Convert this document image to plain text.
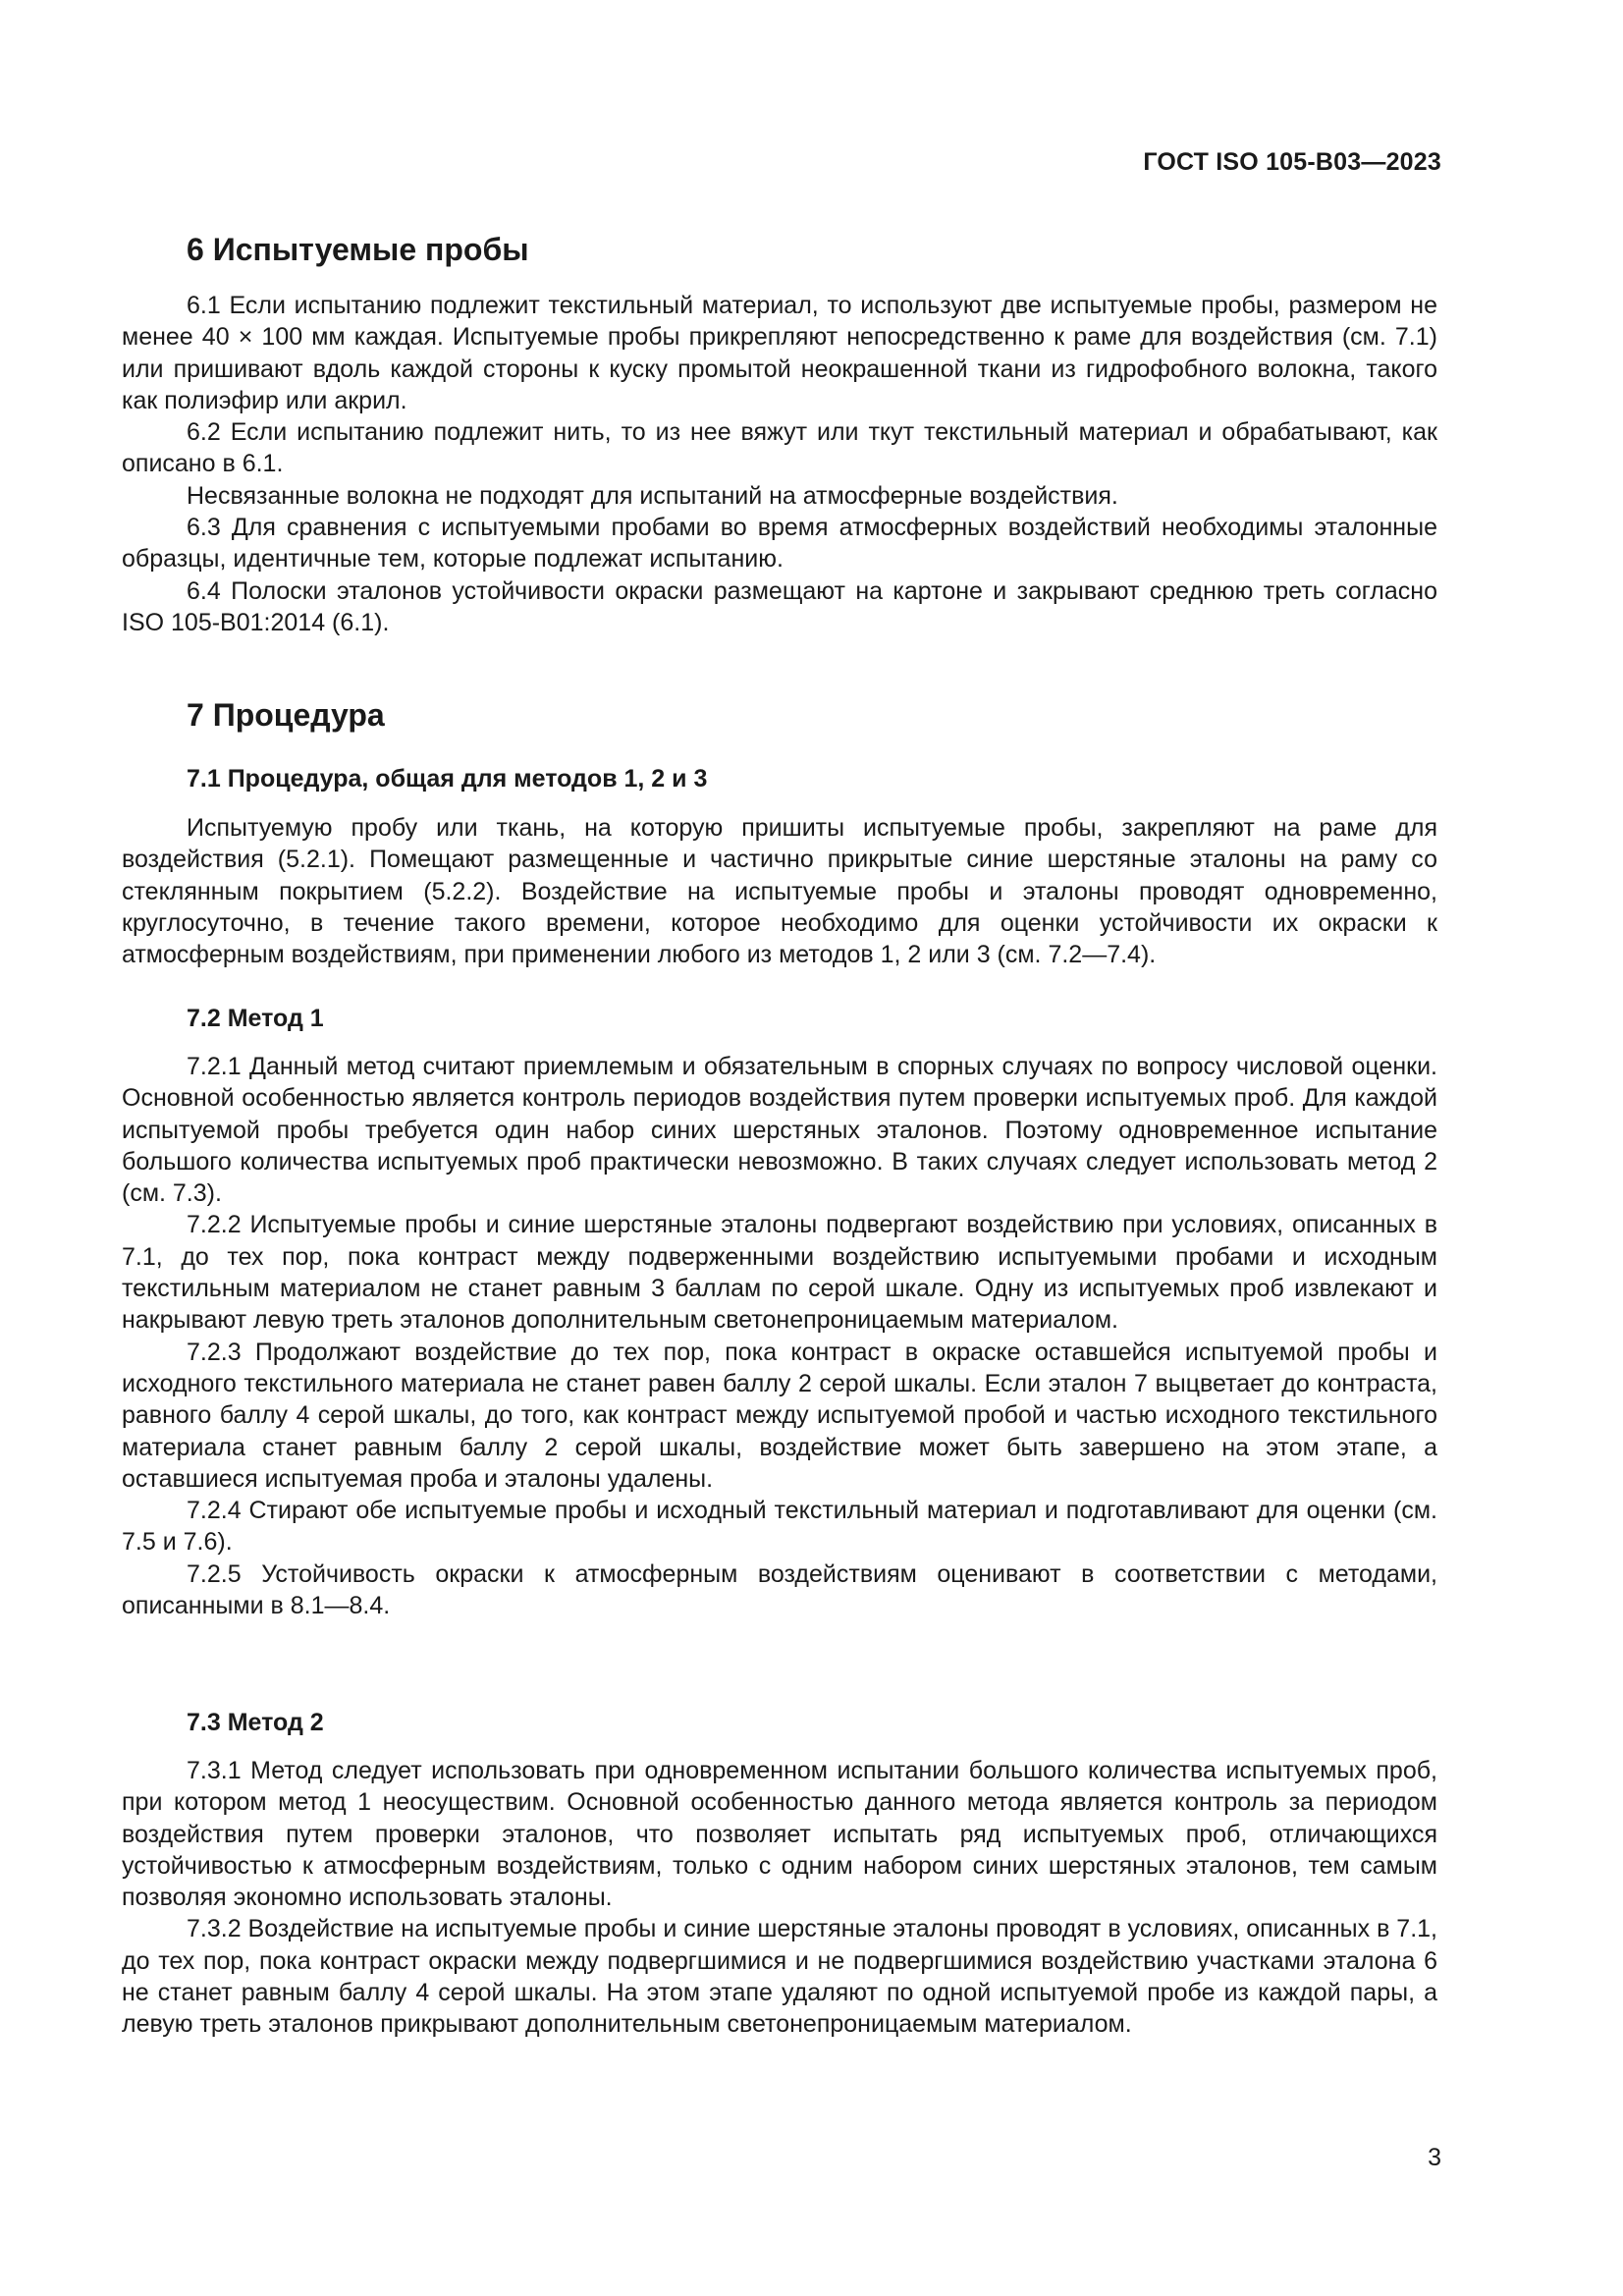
ГОСТ ISO 105-B03—2023
6 Испытуемые пробы

6.1 Если испытанию подлежит текстильный материал, то используют две испытуемые пробы, размером не менее 40 × 100 мм каждая. Испытуемые пробы прикрепляют непосредственно к раме для воздействия (см. 7.1) или пришивают вдоль каждой стороны к куску промытой неокрашенной ткани из гидрофобного волокна, такого как полиэфир или акрил.

6.2 Если испытанию подлежит нить, то из нее вяжут или ткут текстильный материал и обрабатывают, как описано в 6.1.

Несвязанные волокна не подходят для испытаний на атмосферные воздействия.

6.3 Для сравнения с испытуемыми пробами во время атмосферных воздействий необходимы эталонные образцы, идентичные тем, которые подлежат испытанию.

6.4 Полоски эталонов устойчивости окраски размещают на картоне и закрывают среднюю треть согласно ISO 105-B01:2014 (6.1).

7 Процедура
7.1 Процедура, общая для методов 1, 2 и 3

Испытуемую пробу или ткань, на которую пришиты испытуемые пробы, закрепляют на раме для воздействия (5.2.1). Помещают размещенные и частично прикрытые синие шерстяные эталоны на раму со стеклянным покрытием (5.2.2). Воздействие на испытуемые пробы и эталоны проводят одновременно, круглосуточно, в течение такого времени, которое необходимо для оценки устойчивости их окраски к атмосферным воздействиям, при применении любого из методов 1, 2 или 3 (см. 7.2—7.4).

7.2 Метод 1

7.2.1 Данный метод считают приемлемым и обязательным в спорных случаях по вопросу числовой оценки. Основной особенностью является контроль периодов воздействия путем проверки испытуемых проб. Для каждой испытуемой пробы требуется один набор синих шерстяных эталонов. Поэтому одновременное испытание большого количества испытуемых проб практически невозможно. В таких случаях следует использовать метод 2 (см. 7.3).

7.2.2 Испытуемые пробы и синие шерстяные эталоны подвергают воздействию при условиях, описанных в 7.1, до тех пор, пока контраст между подверженными воздействию испытуемыми пробами и исходным текстильным материалом не станет равным 3 баллам по серой шкале. Одну из испытуемых проб извлекают и накрывают левую треть эталонов дополнительным светонепроницаемым материалом.

7.2.3 Продолжают воздействие до тех пор, пока контраст в окраске оставшейся испытуемой пробы и исходного текстильного материала не станет равен баллу 2 серой шкалы. Если эталон 7 выцветает до контраста, равного баллу 4 серой шкалы, до того, как контраст между испытуемой пробой и частью исходного текстильного материала станет равным баллу 2 серой шкалы, воздействие может быть завершено на этом этапе, а оставшиеся испытуемая проба и эталоны удалены.

7.2.4 Стирают обе испытуемые пробы и исходный текстильный материал и подготавливают для оценки (см. 7.5 и 7.6).

7.2.5 Устойчивость окраски к атмосферным воздействиям оценивают в соответствии с методами, описанными в 8.1—8.4.

7.3 Метод 2

7.3.1 Метод следует использовать при одновременном испытании большого количества испытуемых проб, при котором метод 1 неосуществим. Основной особенностью данного метода является контроль за периодом воздействия путем проверки эталонов, что позволяет испытать ряд испытуемых проб, отличающихся устойчивостью к атмосферным воздействиям, только с одним набором синих шерстяных эталонов, тем самым позволяя экономно использовать эталоны.

7.3.2 Воздействие на испытуемые пробы и синие шерстяные эталоны проводят в условиях, описанных в 7.1, до тех пор, пока контраст окраски между подвергшимися и не подвергшимися воздействию участками эталона 6 не станет равным баллу 4 серой шкалы. На этом этапе удаляют по одной испытуемой пробе из каждой пары, а левую треть эталонов прикрывают дополнительным светонепроницаемым материалом.

3
